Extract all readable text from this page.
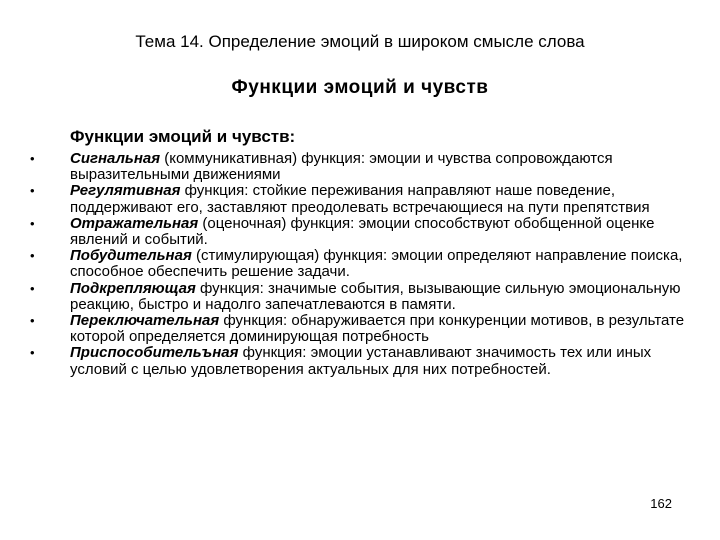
Тема 14. Определение эмоций в широком смысле слова
Функции эмоций и чувств
Функции эмоций и чувств:
•	Сигнальная (коммуникативная) функция: эмоции и чувства сопровождаются выразительными движениями
•	Регулятивная функция: стойкие переживания направляют наше поведение, поддерживают его, заставляют преодолевать встречающиеся на пути препятствия
•	Отражательная (оценочная) функция: эмоции способствуют обобщенной оценке явлений и событий.
•	Побудительная (стимулирующая) функция: эмоции определяют направление поиска, способное обеспечить решение задачи.
•	Подкрепляющая функция: значимые события, вызывающие сильную эмоциональную реакцию, быстро и надолго запечатлеваются в памяти.
•	Переключательная функция: обнаруживается при конкуренции мотивов, в результате которой определяется доминирующая потребность
•	Приспособительъная функция: эмоции устанавливают значимость тех или иных условий с целью удовлетворения актуальных для них потребностей.
162
